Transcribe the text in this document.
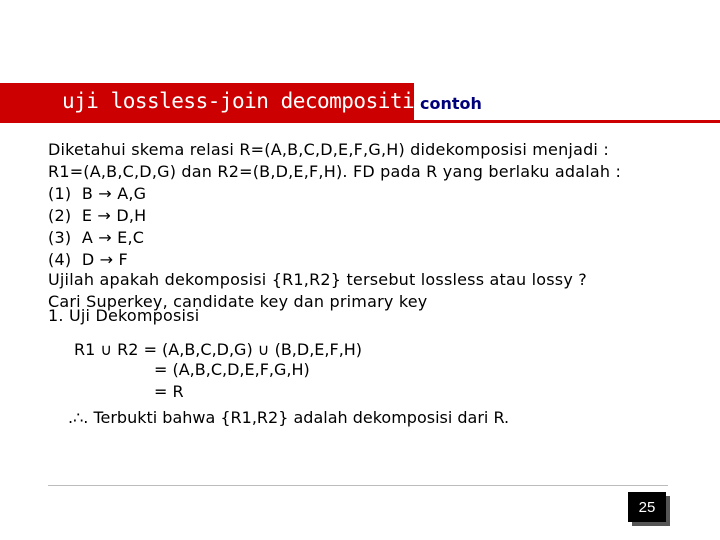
uji lossless-join decomposition
contoh
Diketahui skema relasi R=(A,B,C,D,E,F,G,H) didekomposisi menjadi :
R1=(A,B,C,D,G) dan R2=(B,D,E,F,H). FD pada R yang berlaku adalah :
(1)  B → A,G
(2)  E → D,H
(3)  A → E,C
(4)  D → F
Ujilah apakah dekomposisi {R1,R2} tersebut lossless atau lossy ?
Cari Superkey, candidate key dan primary key
1. Uji Dekomposisi
R1 ∪ R2 = (A,B,C,D,G) ∪ (B,D,E,F,H)
= (A,B,C,D,E,F,G,H)
= R
.∴. Terbukti bahwa {R1,R2} adalah dekomposisi dari R.
25
